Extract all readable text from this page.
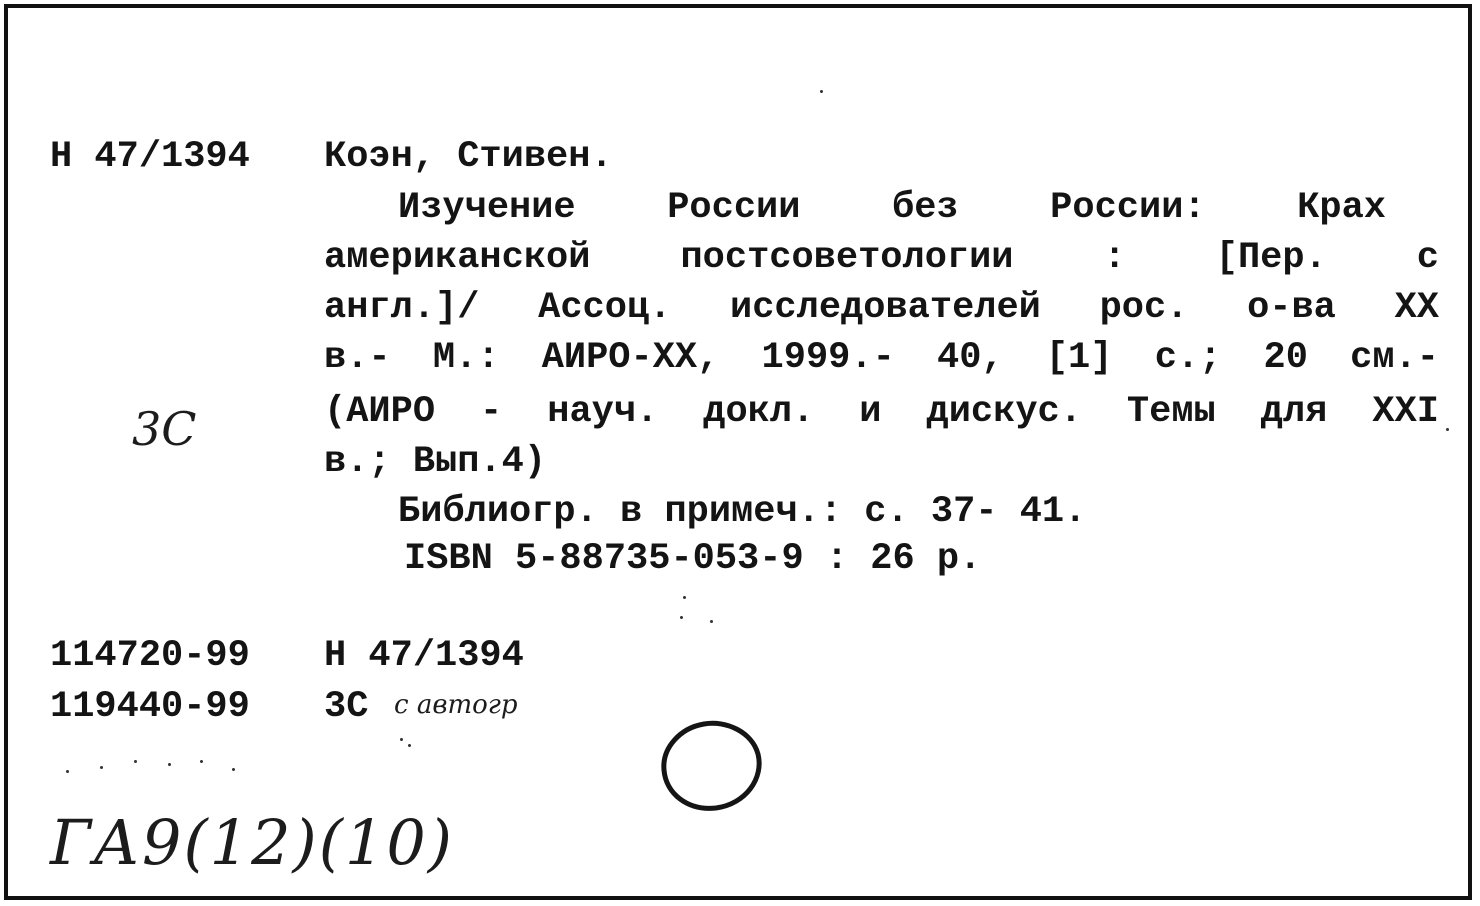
Н 47/1394 Коэн, Стивен.

Изучение России без России: Крах

американской постсоветологии : [Пер. с

англ.]/ Ассоц. исследователей рос. о-ва XX

в.- М.: АИРО-ХХ, 1999.- 40, [1] с.; 20 см.-

(АИРО - науч. докл. и дискус. Темы для XXI

в.; Вып.4)

Библиогр. в примеч.: с. 37- 41.

ISBN 5-88735-053-9 : 26 р.

3С

114720-99 Н 47/1394

119440-99 3С с автогр

ГА9(12)(10)
